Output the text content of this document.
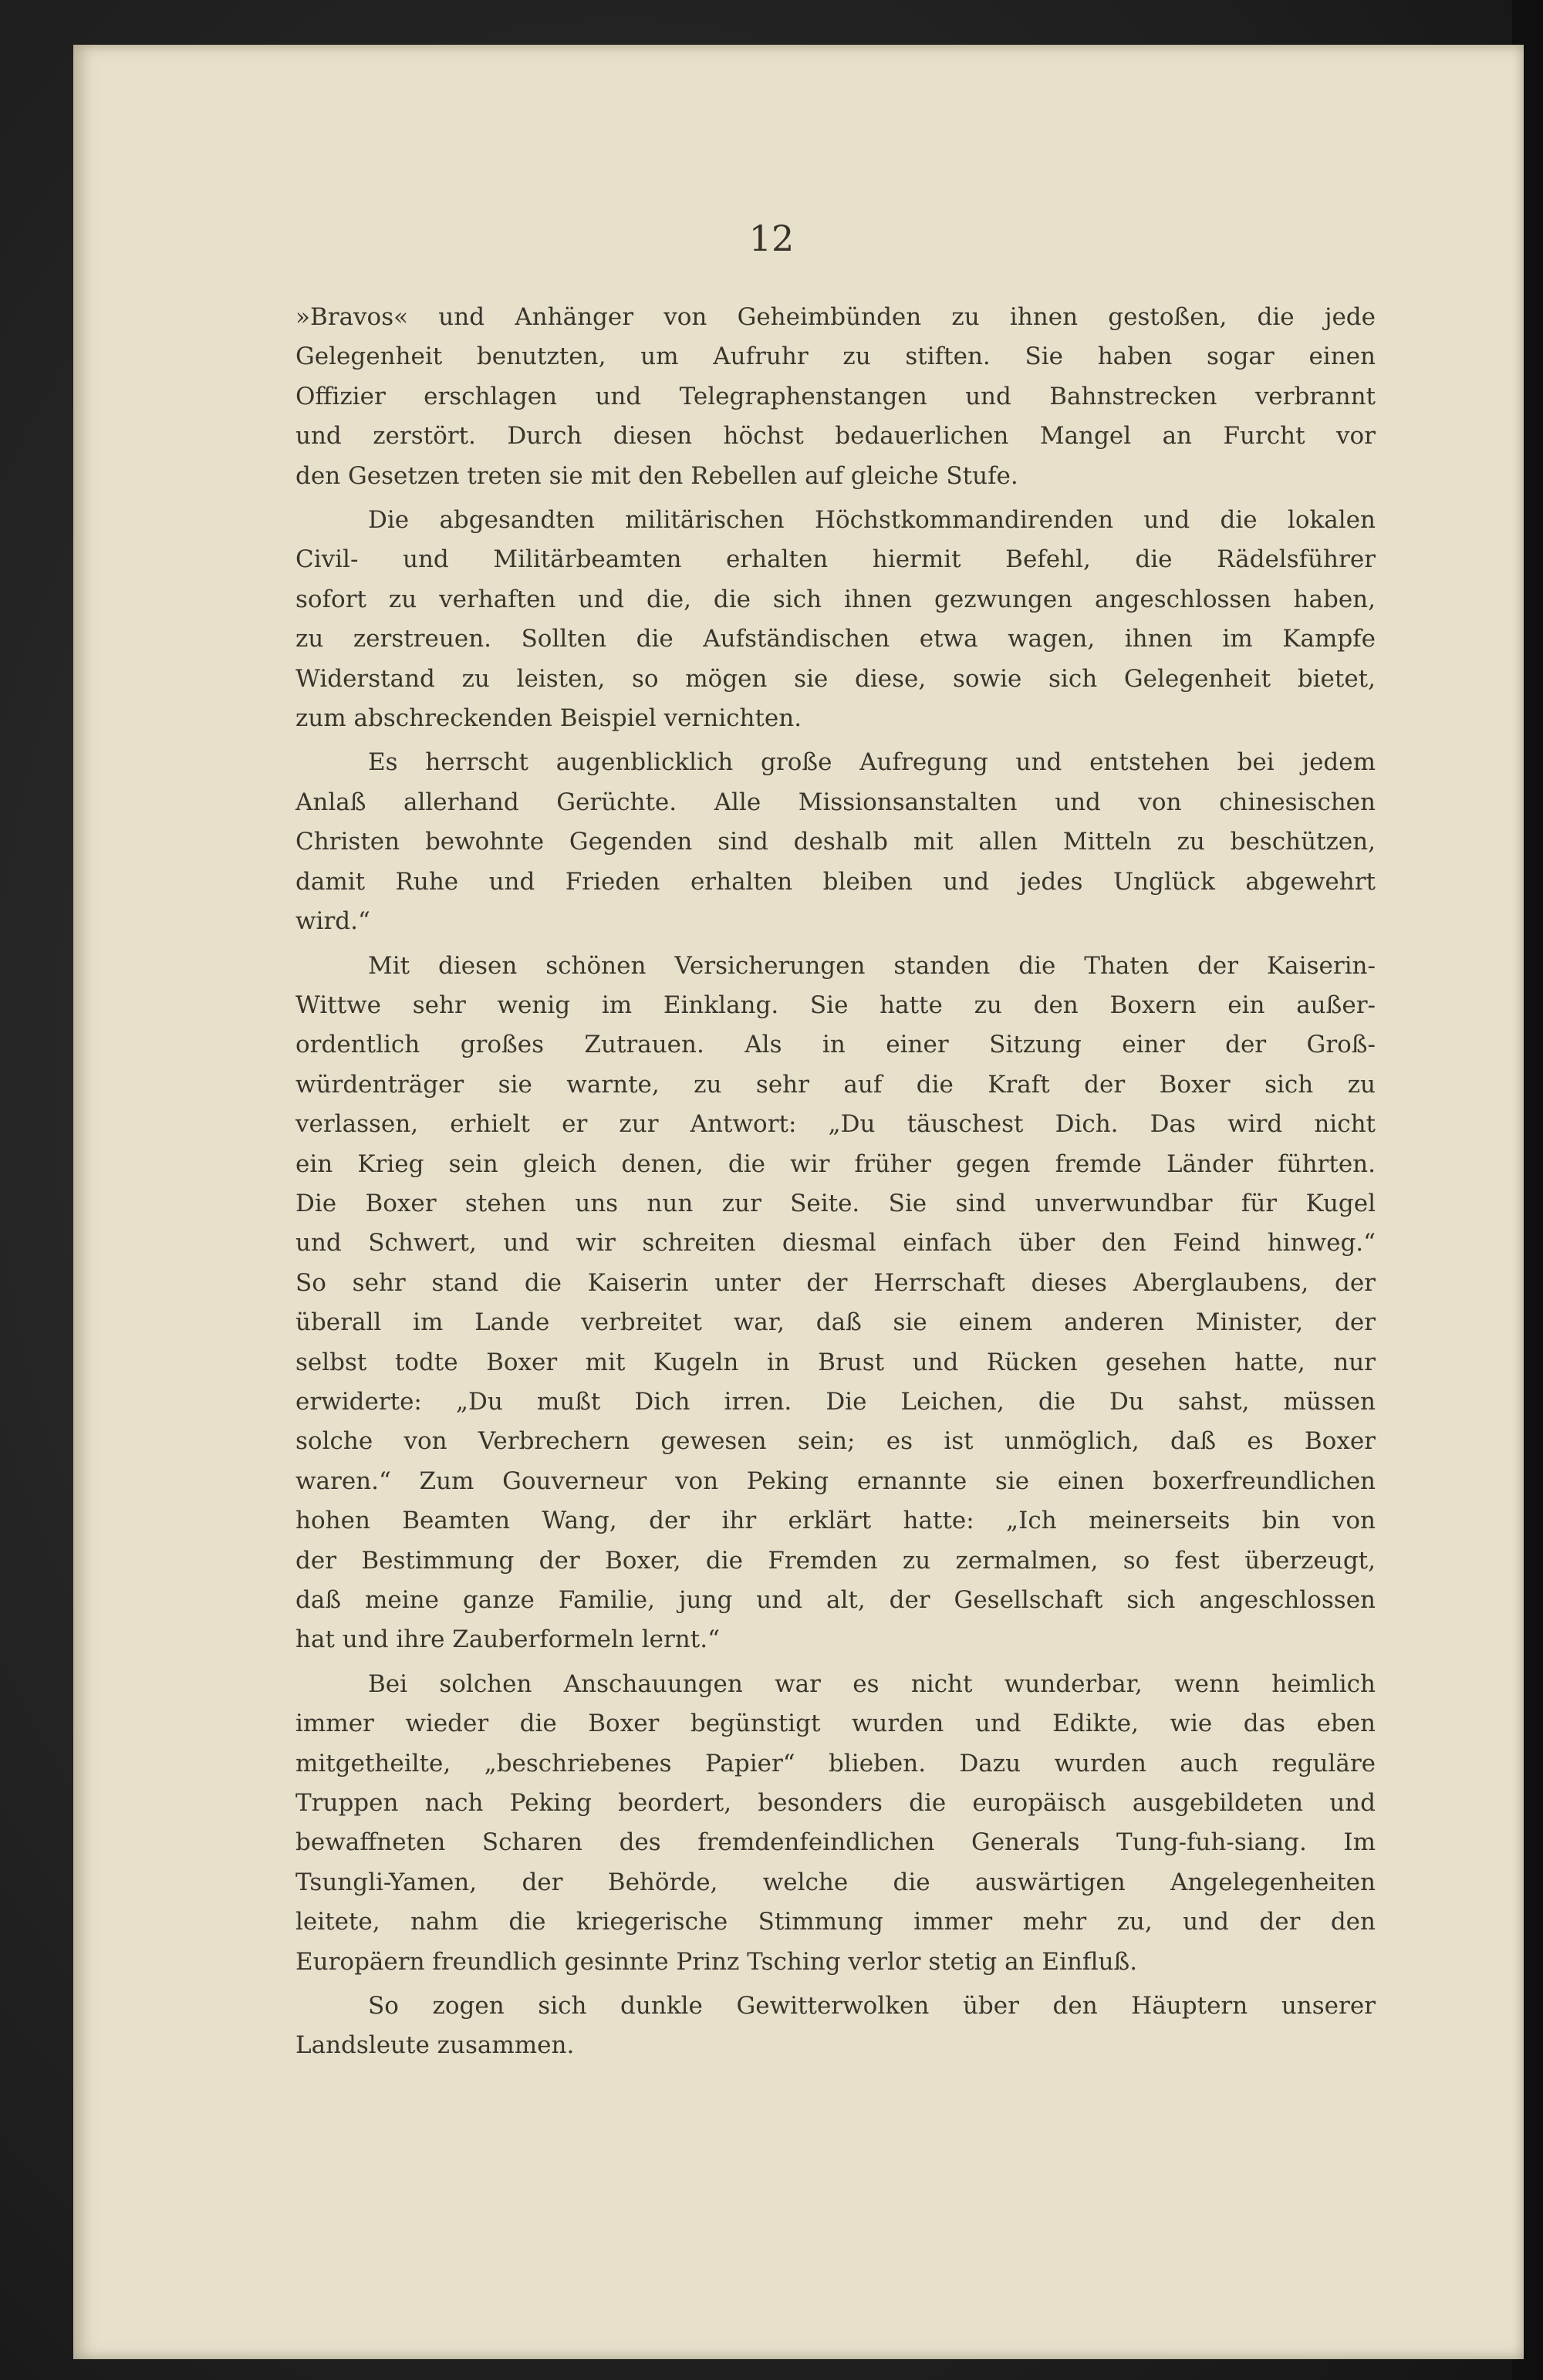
12
»Bravos« und Anhänger von Geheimbünden zu ihnen gestoßen, die jede
Gelegenheit benutzten, um Aufruhr zu stiften. Sie haben sogar einen
Offizier erschlagen und Telegraphenstangen und Bahnstrecken verbrannt
und zerstört. Durch diesen höchst bedauerlichen Mangel an Furcht vor
den Gesetzen treten sie mit den Rebellen auf gleiche Stufe.
Die abgesandten militärischen Höchstkommandirenden und die lokalen
Civil- und Militärbeamten erhalten hiermit Befehl, die Rädelsführer
sofort zu verhaften und die, die sich ihnen gezwungen angeschlossen haben,
zu zerstreuen. Sollten die Aufständischen etwa wagen, ihnen im Kampfe
Widerstand zu leisten, so mögen sie diese, sowie sich Gelegenheit bietet,
zum abschreckenden Beispiel vernichten.
Es herrscht augenblicklich große Aufregung und entstehen bei jedem
Anlaß allerhand Gerüchte. Alle Missionsanstalten und von chinesischen
Christen bewohnte Gegenden sind deshalb mit allen Mitteln zu beschützen,
damit Ruhe und Frieden erhalten bleiben und jedes Unglück abgewehrt
wird.“
Mit diesen schönen Versicherungen standen die Thaten der Kaiserin-
Wittwe sehr wenig im Einklang. Sie hatte zu den Boxern ein außer-
ordentlich großes Zutrauen. Als in einer Sitzung einer der Groß-
würdenträger sie warnte, zu sehr auf die Kraft der Boxer sich zu
verlassen, erhielt er zur Antwort: „Du täuschest Dich. Das wird nicht
ein Krieg sein gleich denen, die wir früher gegen fremde Länder führten.
Die Boxer stehen uns nun zur Seite. Sie sind unverwundbar für Kugel
und Schwert, und wir schreiten diesmal einfach über den Feind hinweg.“
So sehr stand die Kaiserin unter der Herrschaft dieses Aberglaubens, der
überall im Lande verbreitet war, daß sie einem anderen Minister, der
selbst todte Boxer mit Kugeln in Brust und Rücken gesehen hatte, nur
erwiderte: „Du mußt Dich irren. Die Leichen, die Du sahst, müssen
solche von Verbrechern gewesen sein; es ist unmöglich, daß es Boxer
waren.“ Zum Gouverneur von Peking ernannte sie einen boxerfreundlichen
hohen Beamten Wang, der ihr erklärt hatte: „Ich meinerseits bin von
der Bestimmung der Boxer, die Fremden zu zermalmen, so fest überzeugt,
daß meine ganze Familie, jung und alt, der Gesellschaft sich angeschlossen
hat und ihre Zauberformeln lernt.“
Bei solchen Anschauungen war es nicht wunderbar, wenn heimlich
immer wieder die Boxer begünstigt wurden und Edikte, wie das eben
mitgetheilte, „beschriebenes Papier“ blieben. Dazu wurden auch reguläre
Truppen nach Peking beordert, besonders die europäisch ausgebildeten und
bewaffneten Scharen des fremdenfeindlichen Generals Tung-fuh-siang. Im
Tsungli-Yamen, der Behörde, welche die auswärtigen Angelegenheiten
leitete, nahm die kriegerische Stimmung immer mehr zu, und der den
Europäern freundlich gesinnte Prinz Tsching verlor stetig an Einfluß.
So zogen sich dunkle Gewitterwolken über den Häuptern unserer
Landsleute zusammen.
